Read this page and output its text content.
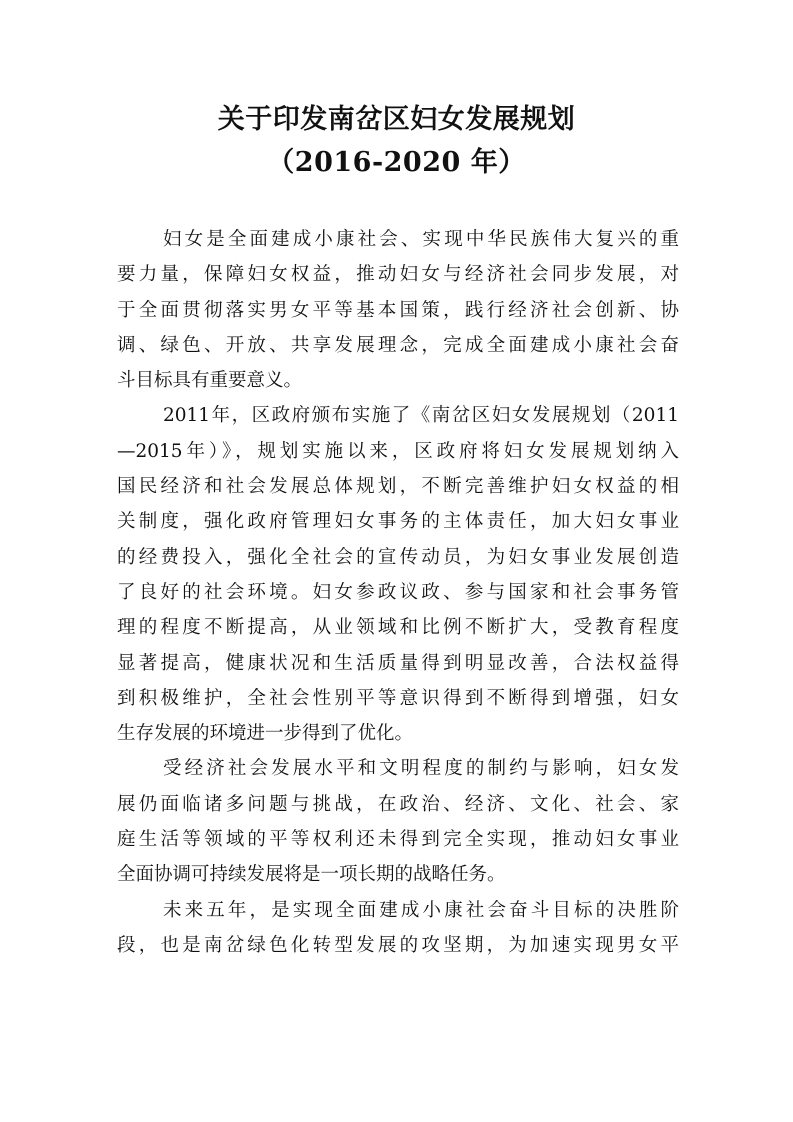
关于印发南岔区妇女发展规划
（2016-2020 年）
妇女是全面建成小康社会、实现中华民族伟大复兴的重
要力量，保障妇女权益，推动妇女与经济社会同步发展，对
于全面贯彻落实男女平等基本国策，践行经济社会创新、协
调、绿色、开放、共享发展理念，完成全面建成小康社会奋
斗目标具有重要意义。
2011年，区政府颁布实施了《南岔区妇女发展规划（2011
—2015年）》，规划实施以来，区政府将妇女发展规划纳入
国民经济和社会发展总体规划，不断完善维护妇女权益的相
关制度，强化政府管理妇女事务的主体责任，加大妇女事业
的经费投入，强化全社会的宣传动员，为妇女事业发展创造
了良好的社会环境。妇女参政议政、参与国家和社会事务管
理的程度不断提高，从业领域和比例不断扩大，受教育程度
显著提高，健康状况和生活质量得到明显改善，合法权益得
到积极维护，全社会性别平等意识得到不断得到增强，妇女
生存发展的环境进一步得到了优化。
受经济社会发展水平和文明程度的制约与影响，妇女发
展仍面临诸多问题与挑战，在政治、经济、文化、社会、家
庭生活等领域的平等权利还未得到完全实现，推动妇女事业
全面协调可持续发展将是一项长期的战略任务。
未来五年，是实现全面建成小康社会奋斗目标的决胜阶
段，也是南岔绿色化转型发展的攻坚期，为加速实现男女平
